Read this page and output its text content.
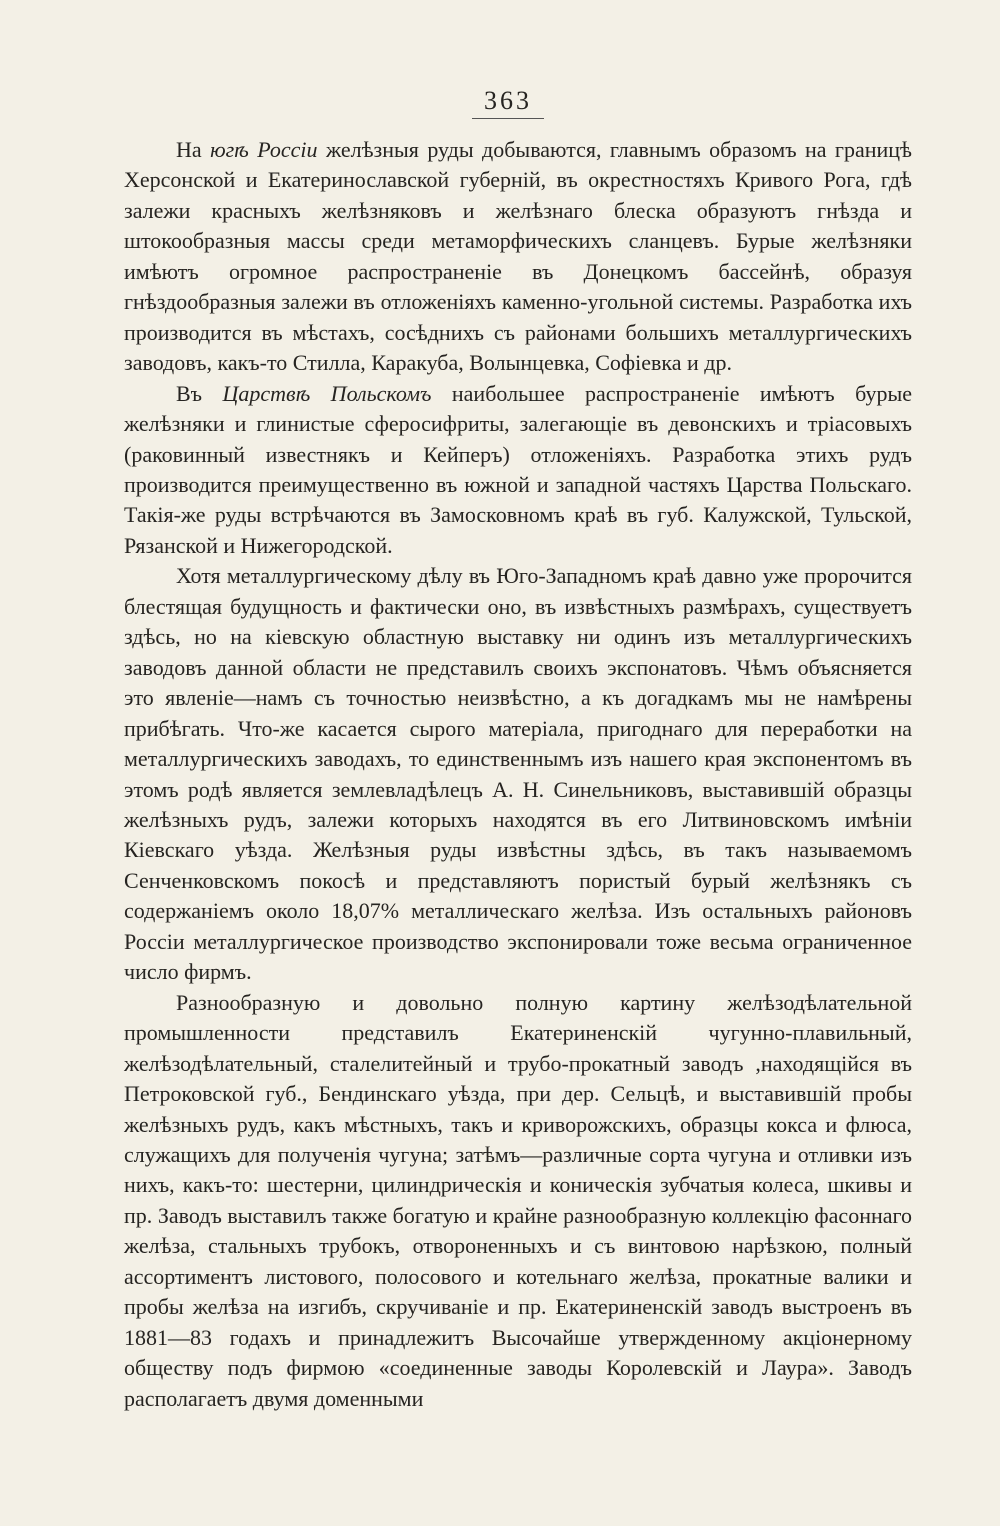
363

На югѣ Россіи желѣзныя руды добываются, главнымъ образомъ на границѣ Херсонской и Екатеринославской губерній, въ окрестностяхъ Кривого Рога, гдѣ залежи красныхъ желѣзняковъ и желѣзнаго блеска образуютъ гнѣзда и штокообразныя массы среди метаморфическихъ сланцевъ. Бурые желѣзняки имѣютъ огромное распространеніе въ Донецкомъ бассейнѣ, образуя гнѣздообразныя залежи въ отложеніяхъ каменно-угольной системы. Разработка ихъ производится въ мѣстахъ, сосѣднихъ съ районами большихъ металлургическихъ заводовъ, какъ-то Стилла, Каракуба, Волынцевка, Софіевка и др.

Въ Царствѣ Польскомъ наибольшее распространеніе имѣютъ бурые желѣзняки и глинистые сферосифриты, залегающіе въ девонскихъ и тріасовыхъ (раковинный известнякъ и Кейперъ) отложеніяхъ. Разработка этихъ рудъ производится преимущественно въ южной и западной частяхъ Царства Польскаго. Такія-же руды встрѣчаются въ Замосковномъ краѣ въ губ. Калужской, Тульской, Рязанской и Нижегородской.

Хотя металлургическому дѣлу въ Юго-Западномъ краѣ давно уже пророчится блестящая будущность и фактически оно, въ извѣстныхъ размѣрахъ, существуетъ здѣсь, но на кіевскую областную выставку ни одинъ изъ металлургическихъ заводовъ данной области не представилъ своихъ экспонатовъ. Чѣмъ объясняется это явленіе—намъ съ точностью неизвѣстно, а къ догадкамъ мы не намѣрены прибѣгать. Что-же касается сырого матеріала, пригоднаго для переработки на металлургическихъ заводахъ, то единственнымъ изъ нашего края экспонентомъ въ этомъ родѣ является землевладѣлецъ А. Н. Синельниковъ, выставившій образцы желѣзныхъ рудъ, залежи которыхъ находятся въ его Литвиновскомъ имѣніи Кіевскаго уѣзда. Желѣзныя руды извѣстны здѣсь, въ такъ называемомъ Сенченковскомъ покосѣ и представляютъ пористый бурый желѣзнякъ съ содержаніемъ около 18,07% металлическаго желѣза. Изъ остальныхъ районовъ Россіи металлургическое производство экспонировали тоже весьма ограниченное число фирмъ.

Разнообразную и довольно полную картину желѣзодѣлательной промышленности представилъ Екатериненскій чугунно-плавильный, желѣзодѣлательный, сталелитейный и трубо-прокатный заводъ ,находящійся въ Петроковской губ., Бендинскаго уѣзда, при дер. Сельцѣ, и выставившій пробы желѣзныхъ рудъ, какъ мѣстныхъ, такъ и криворожскихъ, образцы кокса и флюса, служащихъ для полученія чугуна; затѣмъ—различные сорта чугуна и отливки изъ нихъ, какъ-то: шестерни, цилиндрическія и коническія зубчатыя колеса, шкивы и пр. Заводъ выставилъ также богатую и крайне разнообразную коллекцію фасоннаго желѣза, стальныхъ трубокъ, отвороненныхъ и съ винтовою нарѣзкою, полный ассортиментъ листового, полосового и котельнаго желѣза, прокатные валики и пробы желѣза на изгибъ, скручиваніе и пр. Екатериненскій заводъ выстроенъ въ 1881—83 годахъ и принадлежитъ Высочайше утвержденному акціонерному обществу подъ фирмою «соединенные заводы Королевскій и Лаура». Заводъ располагаетъ двумя доменными
